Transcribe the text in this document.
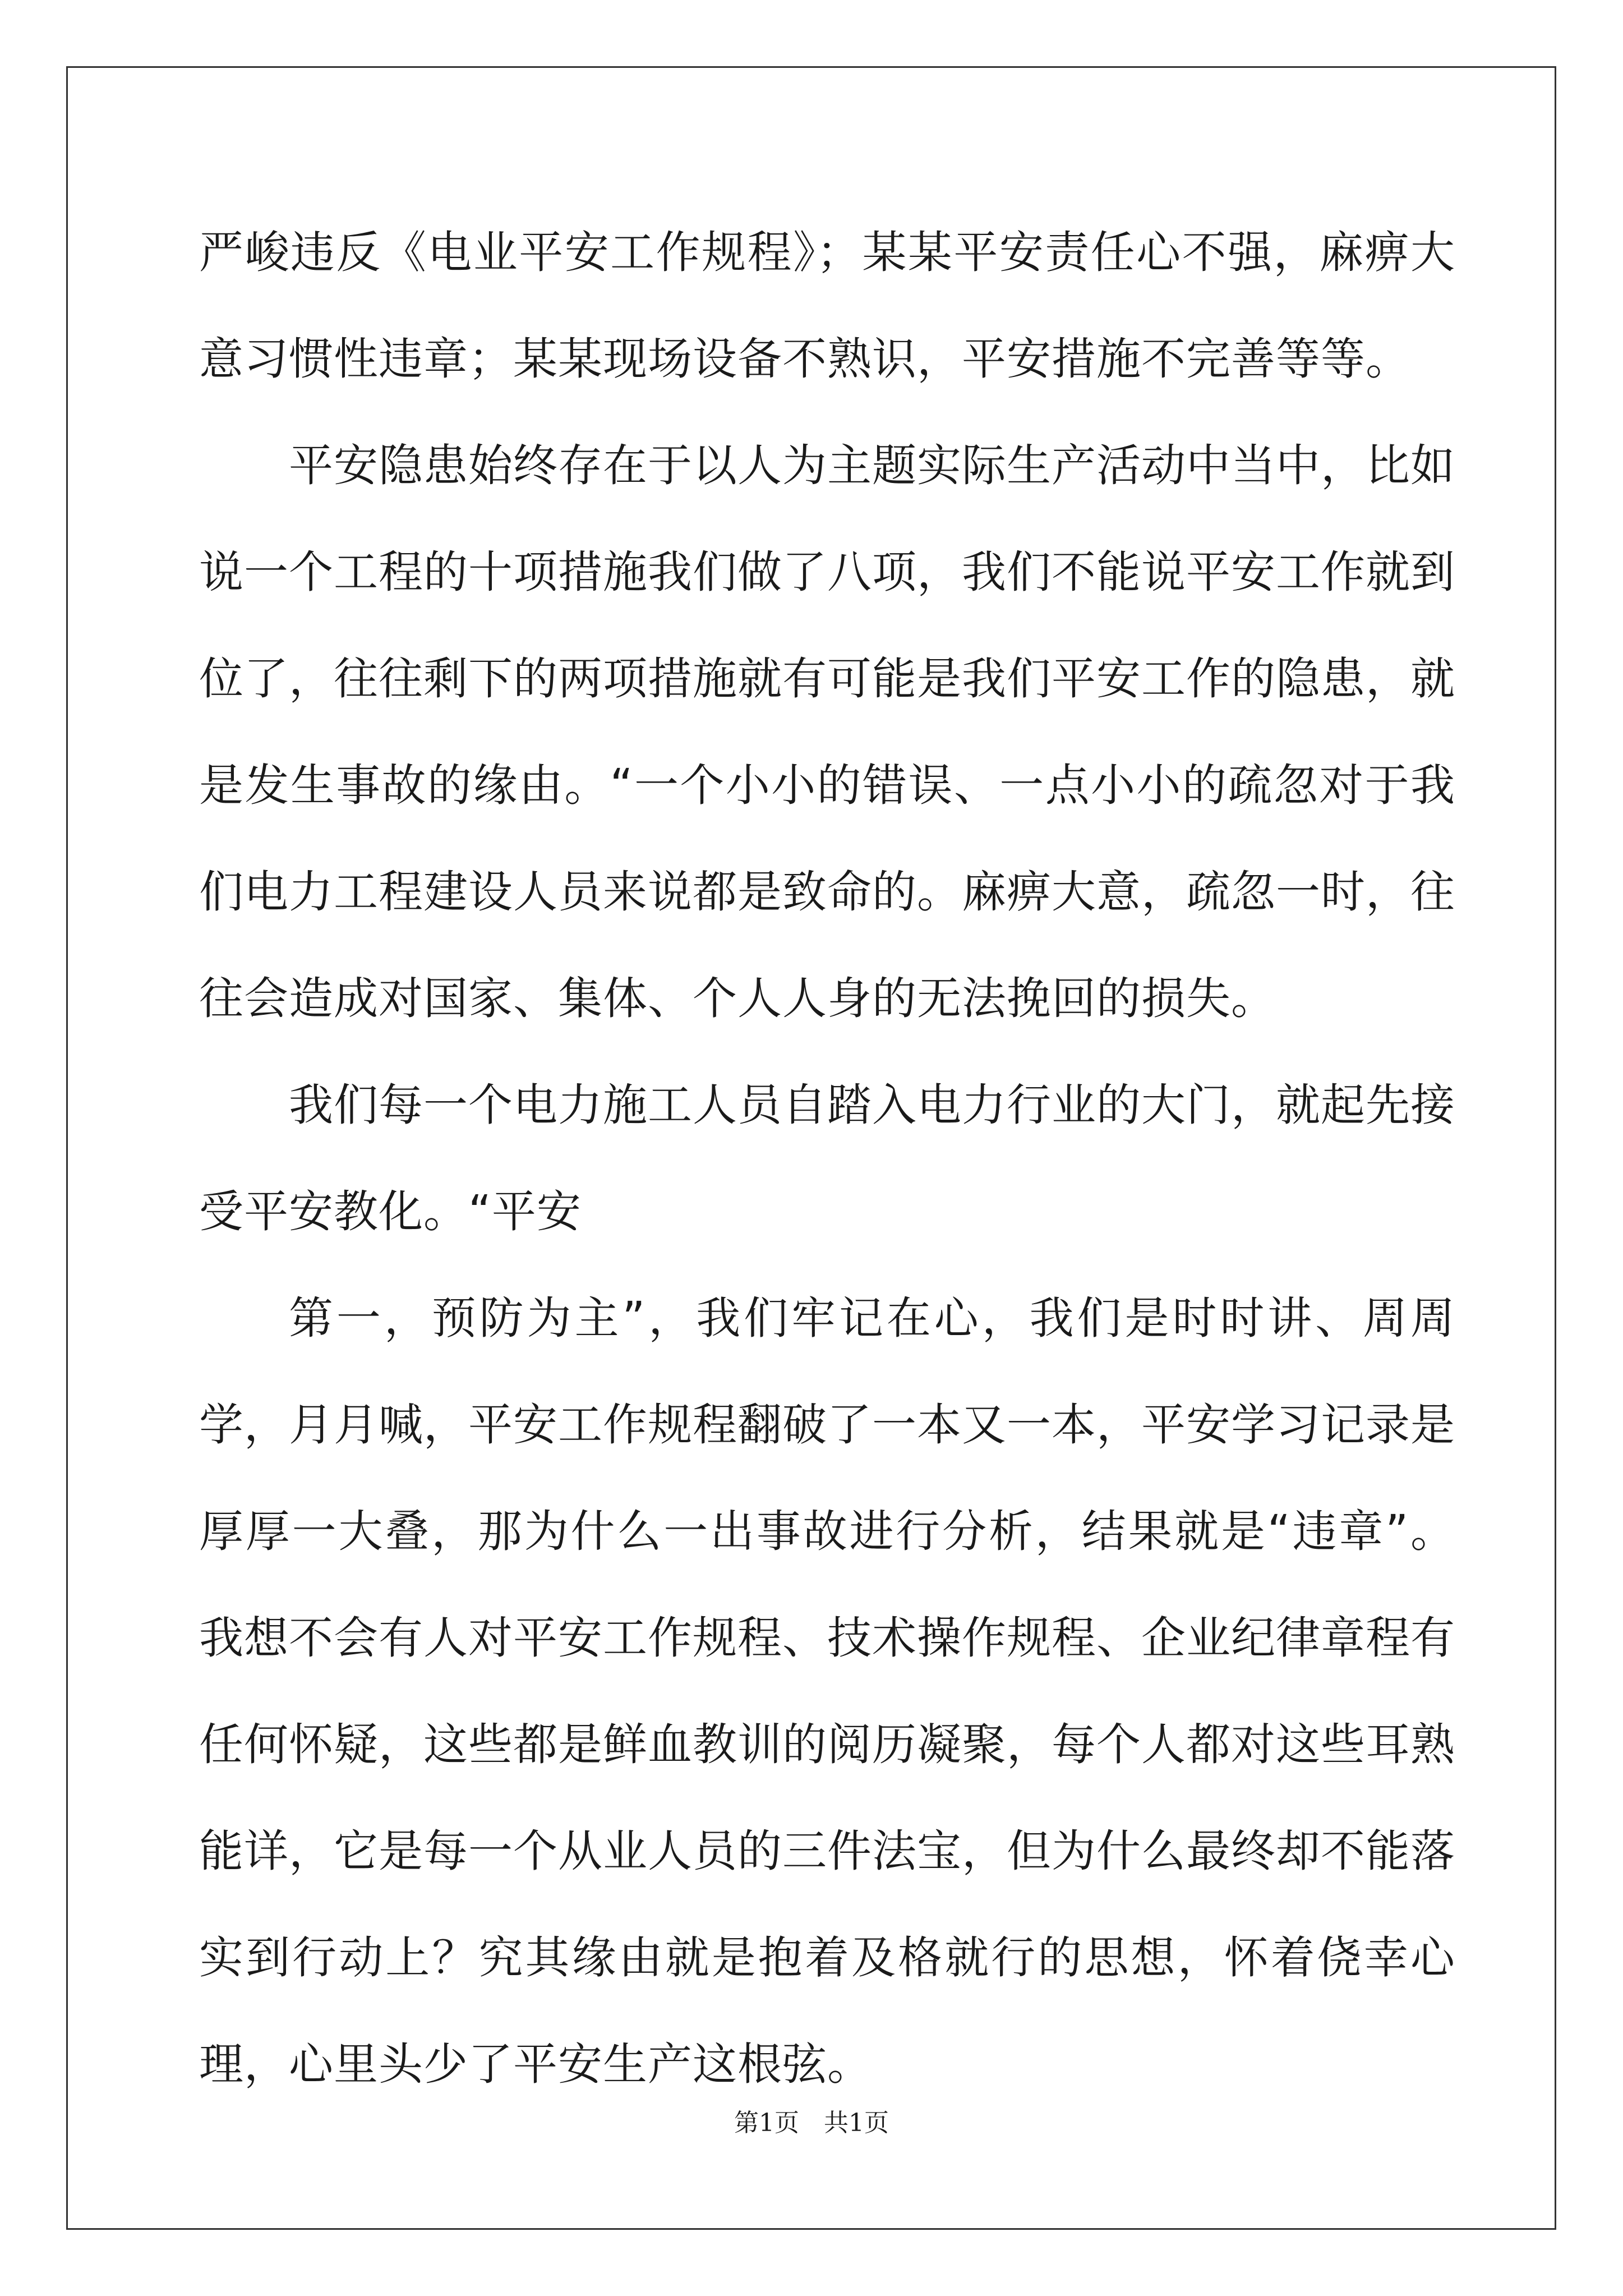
严峻违反《电业平安工作规程》；某某平安责任心不强，麻痹大意习惯性违章；某某现场设备不熟识，平安措施不完善等等。

平安隐患始终存在于以人为主题实际生产活动中当中，比如说一个工程的十项措施我们做了八项，我们不能说平安工作就到位了，往往剩下的两项措施就有可能是我们平安工作的隐患，就是发生事故的缘由。“一个小小的错误、一点小小的疏忽对于我们电力工程建设人员来说都是致命的。麻痹大意，疏忽一时，往往会造成对国家、集体、个人人身的无法挽回的损失。

我们每一个电力施工人员自踏入电力行业的大门，就起先接受平安教化。“平安

第一，预防为主”，我们牢记在心，我们是时时讲、周周学，月月喊，平安工作规程翻破了一本又一本，平安学习记录是厚厚一大叠，那为什么一出事故进行分析，结果就是“违章”。我想不会有人对平安工作规程、技术操作规程、企业纪律章程有任何怀疑，这些都是鲜血教训的阅历凝聚，每个人都对这些耳熟能详，它是每一个从业人员的三件法宝，但为什么最终却不能落实到行动上？究其缘由就是抱着及格就行的思想，怀着侥幸心理，心里头少了平安生产这根弦。

第1页 共1页
